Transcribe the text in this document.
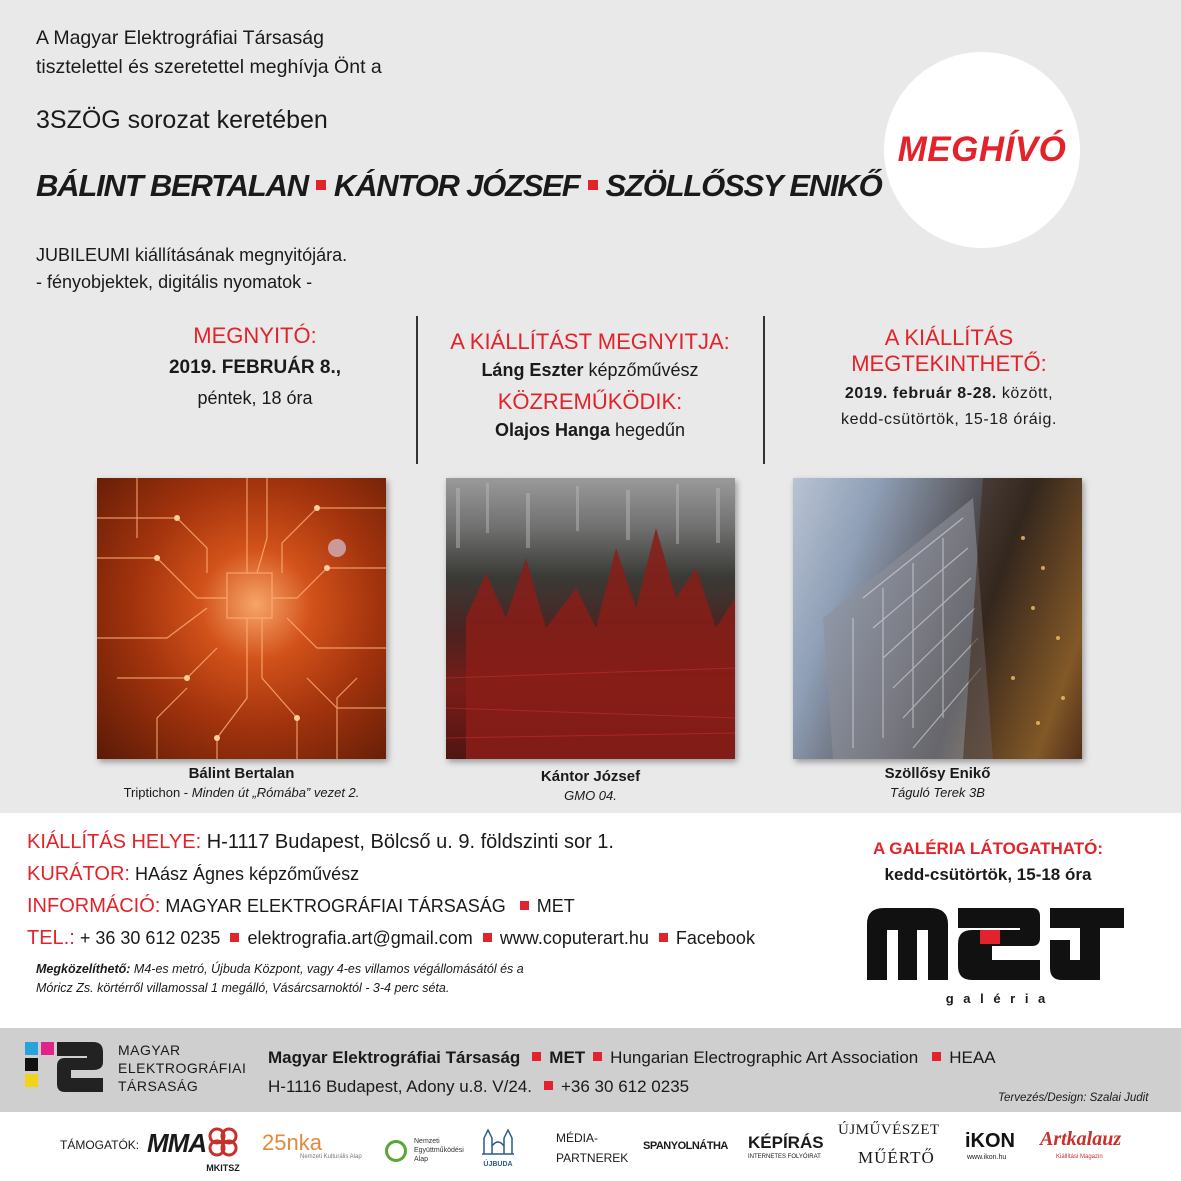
A Magyar Elektrográfiai Társaság
tisztelettel és szeretettel meghívja Önt a
3SZÖG sorozat keretében
BÁLINT BERTALAN KÁNTOR JÓZSEF SZÖLLŐSSY ENIKŐ
JUBILEUMI kiállításának megnyitójára.
- fényobjektek, digitális nyomatok -
MEGHÍVÓ
MEGNYITÓ:
2019. FEBRUÁR 8.,
péntek, 18 óra
A KIÁLLÍTÁST MEGNYITJA:
Láng Eszter képzőművész
KÖZREMŰKÖDIK:
Olajos Hanga hegedűn
A KIÁLLÍTÁS
MEGTEKINTHETŐ:
2019. február 8-28. között,
kedd-csütörtök, 15-18 óráig.
Bálint Bertalan
Triptichon - Minden út „Rómába” vezet 2.
Kántor József
GMO 04.
Szöllősy Enikő
Táguló Terek 3B
KIÁLLÍTÁS HELYE: H-1117 Budapest, Bölcső u. 9. földszinti sor 1.
KURÁTOR: HAász Ágnes képzőművész
INFORMÁCIÓ: MAGYAR ELEKTROGRÁFIAI TÁRSASÁG MET
TEL.: + 36 30 612 0235 elektrografia.art@gmail.com www.coputerart.hu Facebook
Megközelíthető: M4-es metró, Újbuda Központ, vagy 4-es villamos végállomásától és a
Móricz Zs. körtérről villamossal 1 megálló, Vásárcsarnoktól - 3-4 perc séta.
A GALÉRIA LÁTOGATHATÓ:
kedd-csütörtök, 15-18 óra
g a l é r i a
MAGYAR
ELEKTROGRÁFIAI
TÁRSASÁG
Magyar Elektrográfiai Társaság MET Hungarian Electrographic Art Association HEAA
H-1116 Budapest, Adony u.8. V/24. +36 30 612 0235
Tervezés/Design: Szalai Judit
TÁMOGATÓK: MMA
MKITSZ
25nka
Nemzeti Kulturális Alap
Nemzeti
Együttműködési
Alap
ÚJBUDA
MÉDIA-
PARTNEREK
SPANYOLNÁTHA KÉPÍRÁS
INTERNETES FOLYÓIRAT
ÚJMŰVÉSZET
MŰÉRTŐ
iKON
www.ikon.hu
Artkalauz
Kiállítási Magazin
